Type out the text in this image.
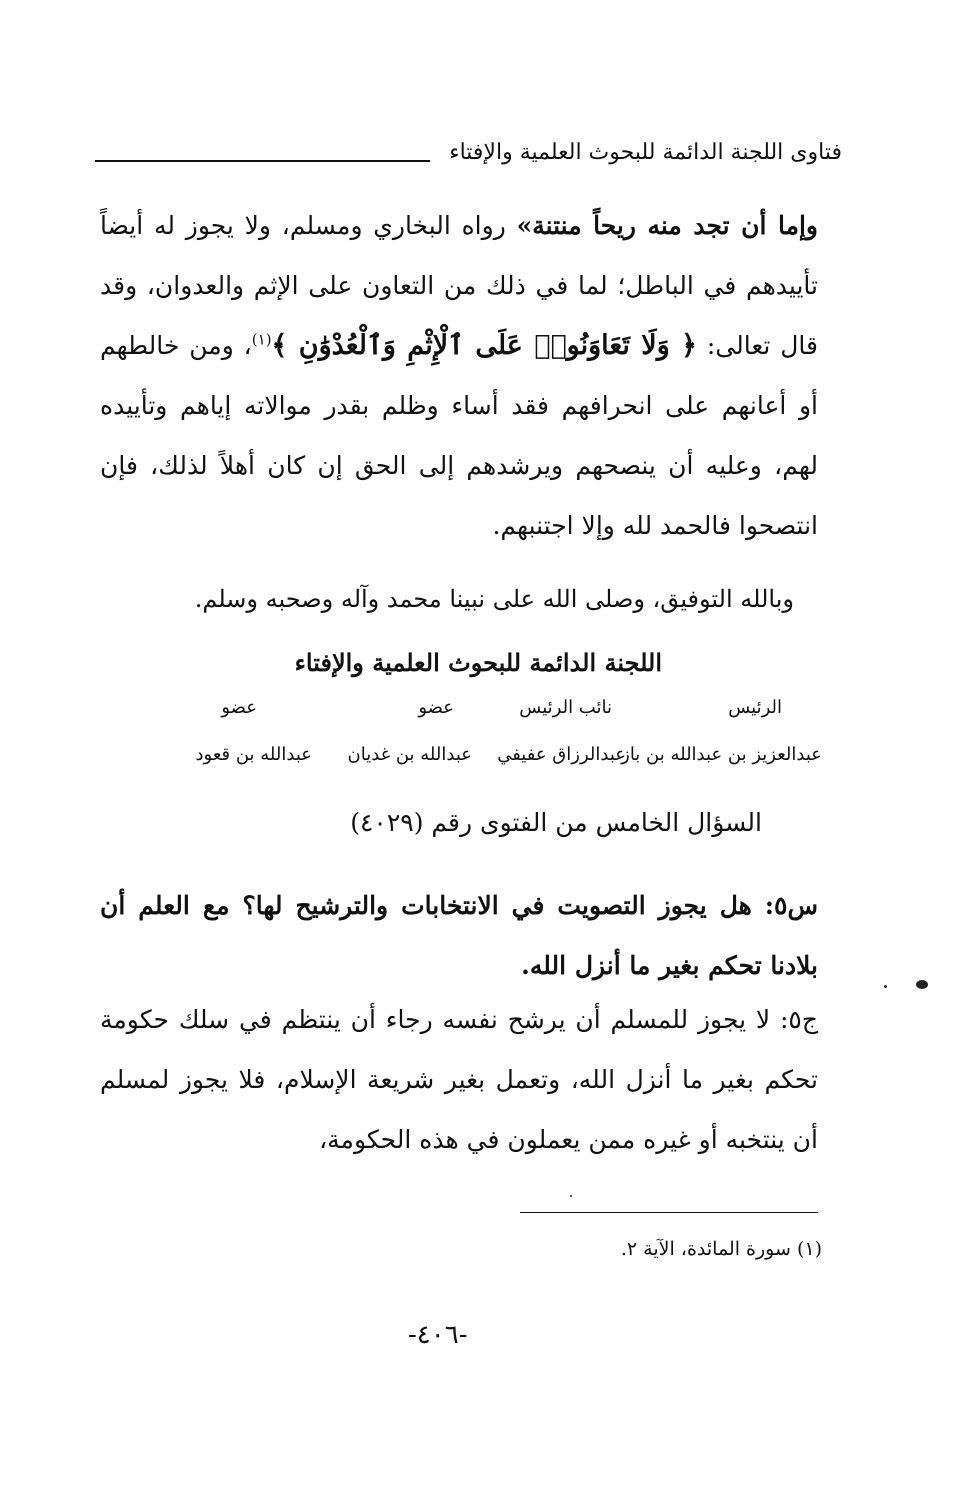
فتاوى اللجنة الدائمة للبحوث العلمية والإفتاء

وإما أن تجد منه ريحاً منتنة» رواه البخاري ومسلم، ولا يجوز له أيضاً تأييدهم في الباطل؛ لما في ذلك من التعاون على الإثم والعدوان، وقد قال تعالى: ﴿ وَلَا تَعَاوَنُوا۟ عَلَى ٱلْإِثْمِ وَٱلْعُدْوَٰنِ ﴾$^{(١)}$، ومن خالطهم أو أعانهم على انحرافهم فقد أساء وظلم بقدر موالاته إياهم وتأييده لهم، وعليه أن ينصحهم ويرشدهم إلى الحق إن كان أهلاً لذلك، فإن انتصحوا فالحمد لله وإلا اجتنبهم.

وبالله التوفيق، وصلى الله على نبينا محمد وآله وصحبه وسلم.
اللجنة الدائمة للبحوث العلمية والإفتاء
الرئيس
نائب الرئيس
عضو
عضو
عبدالعزيز بن عبدالله بن باز
عبدالرزاق عفيفي
عبدالله بن غديان
عبدالله بن قعود
السؤال الخامس من الفتوى رقم (٤٠٢٩)

س٥: هل يجوز التصويت في الانتخابات والترشيح لها؟ مع العلم أن بلادنا تحكم بغير ما أنزل الله.

ج٥: لا يجوز للمسلم أن يرشح نفسه رجاء أن ينتظم في سلك حكومة تحكم بغير ما أنزل الله، وتعمل بغير شريعة الإسلام، فلا يجوز لمسلم أن ينتخبه أو غيره ممن يعملون في هذه الحكومة،

(١) سورة المائدة، الآية ٢.
-٤٠٦-
